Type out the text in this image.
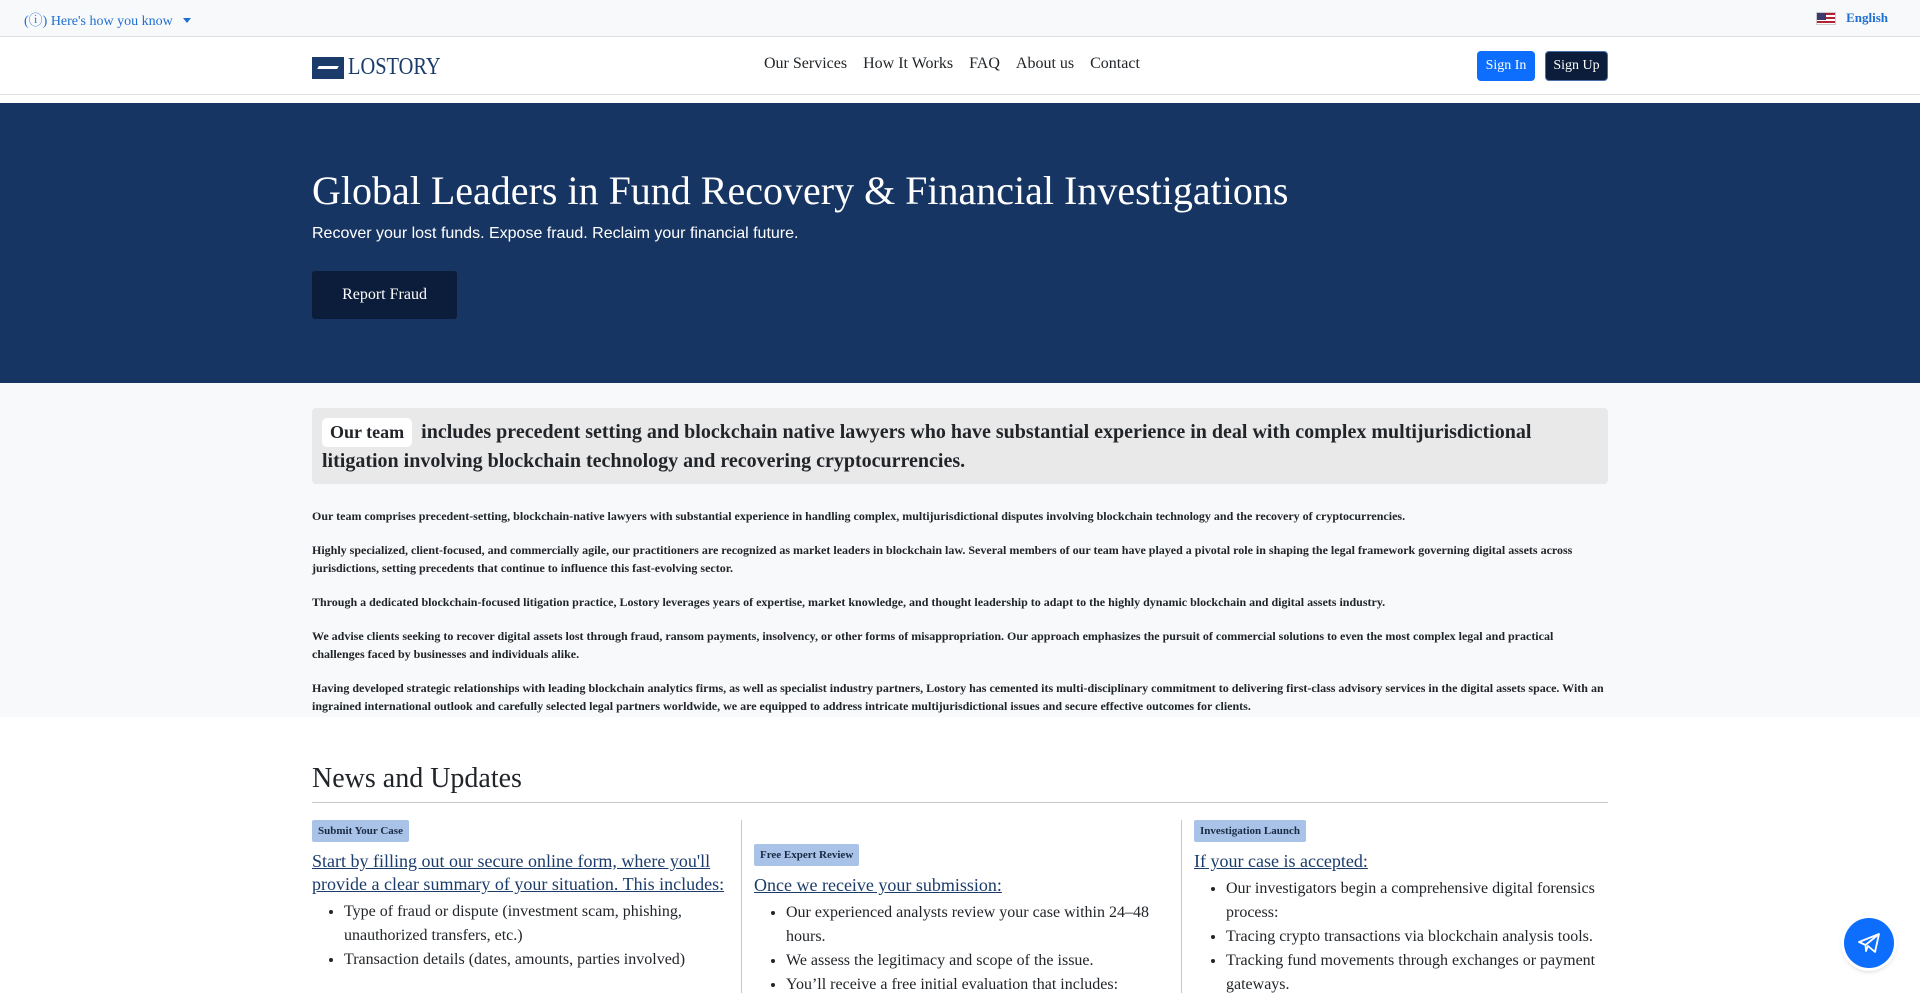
(ⓘ) Here's how you know	English
LOSTORY	Our Services How It Works FAQ About us Contact	Sign In	Sign Up
Global Leaders in Fund Recovery & Financial Investigations

Recover your lost funds. Expose fraud. Reclaim your financial future.

Report Fraud
Our team includes precedent setting and blockchain native lawyers who have substantial experience in deal with complex multijurisdictional litigation involving blockchain technology and recovering cryptocurrencies.

Our team comprises precedent-setting, blockchain-native lawyers with substantial experience in handling complex, multijurisdictional disputes involving blockchain technology and the recovery of cryptocurrencies.

Highly specialized, client-focused, and commercially agile, our practitioners are recognized as market leaders in blockchain law. Several members of our team have played a pivotal role in shaping the legal framework governing digital assets across jurisdictions, setting precedents that continue to influence this fast-evolving sector.

Through a dedicated blockchain-focused litigation practice, Lostory leverages years of expertise, market knowledge, and thought leadership to adapt to the highly dynamic blockchain and digital assets industry.

We advise clients seeking to recover digital assets lost through fraud, ransom payments, insolvency, or other forms of misappropriation. Our approach emphasizes the pursuit of commercial solutions to even the most complex legal and practical challenges faced by businesses and individuals alike.

Having developed strategic relationships with leading blockchain analytics firms, as well as specialist industry partners, Lostory has cemented its multi-disciplinary commitment to delivering first-class advisory services in the digital assets space. With an ingrained international outlook and carefully selected legal partners worldwide, we are equipped to address intricate multijurisdictional issues and secure effective outcomes for clients.

News and Updates
Submit Your Case
Start by filling out our secure online form, where you'll provide a clear summary of your situation. This includes:
• Type of fraud or dispute (investment scam, phishing, unauthorized transfers, etc.)
• Transaction details (dates, amounts, parties involved)
Free Expert Review
Once we receive your submission:
• Our experienced analysts review your case within 24–48 hours.
• We assess the legitimacy and scope of the issue.
• You’ll receive a free initial evaluation that includes:
Investigation Launch
If your case is accepted:
• Our investigators begin a comprehensive digital forensics process:
• Tracing crypto transactions via blockchain analysis tools.
• Tracking fund movements through exchanges or payment gateways.
